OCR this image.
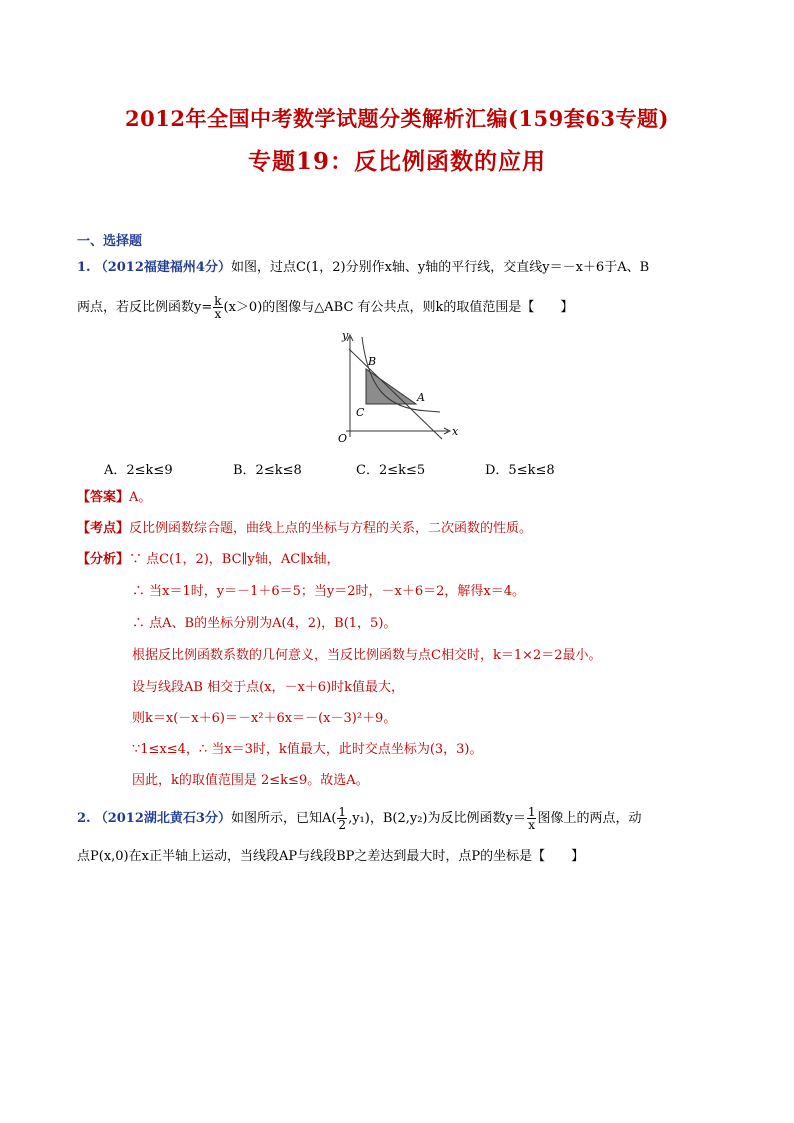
2012年全国中考数学试题分类解析汇编(159套63专题)
专题19：反比例函数的应用
一、选择题
1. （2012福建福州4分）如图，过点C(1，2)分别作x轴、y轴的平行线，交直线y＝－x＋6于A、B
两点，若反比例函数$y= \frac{k}{x} (x>0)$的图像与△ABC 有公共点，则k的取值范围是【　　】
y
x
O
A
B
C
A．2≤k≤9	B．2≤k≤8	C．2≤k≤5	D．5≤k≤8
【答案】A。
【考点】反比例函数综合题，曲线上点的坐标与方程的关系，二次函数的性质。
【分析】∵ 点C(1，2)，BC∥y轴，AC∥x轴，
∴ 当x＝1时，y＝－1＋6＝5；当y＝2时，－x＋6＝2，解得x＝4。
∴ 点A、B的坐标分别为A(4，2)，B(1，5)。
根据反比例函数系数的几何意义，当反比例函数与点C相交时，k＝1×2＝2最小。
设与线段AB 相交于点(x，－x＋6)时k值最大，
则k＝x(－x＋6)＝－x²＋6x＝－(x－3)²＋9。
∵1≤x≤4，∴ 当x＝3时，k值最大，此时交点坐标为(3，3)。
因此，k的取值范围是 2≤k≤9。故选A。
2. （2012湖北黄石3分）如图所示，已知$A( \frac{1}{2} ,y_1)$，B(2,y₂)为反比例函数$y= \frac{1}{x}$ 图像上的两点，动
点P(x,0)在x正半轴上运动，当线段AP与线段BP之差达到最大时，点P的坐标是【　　】
